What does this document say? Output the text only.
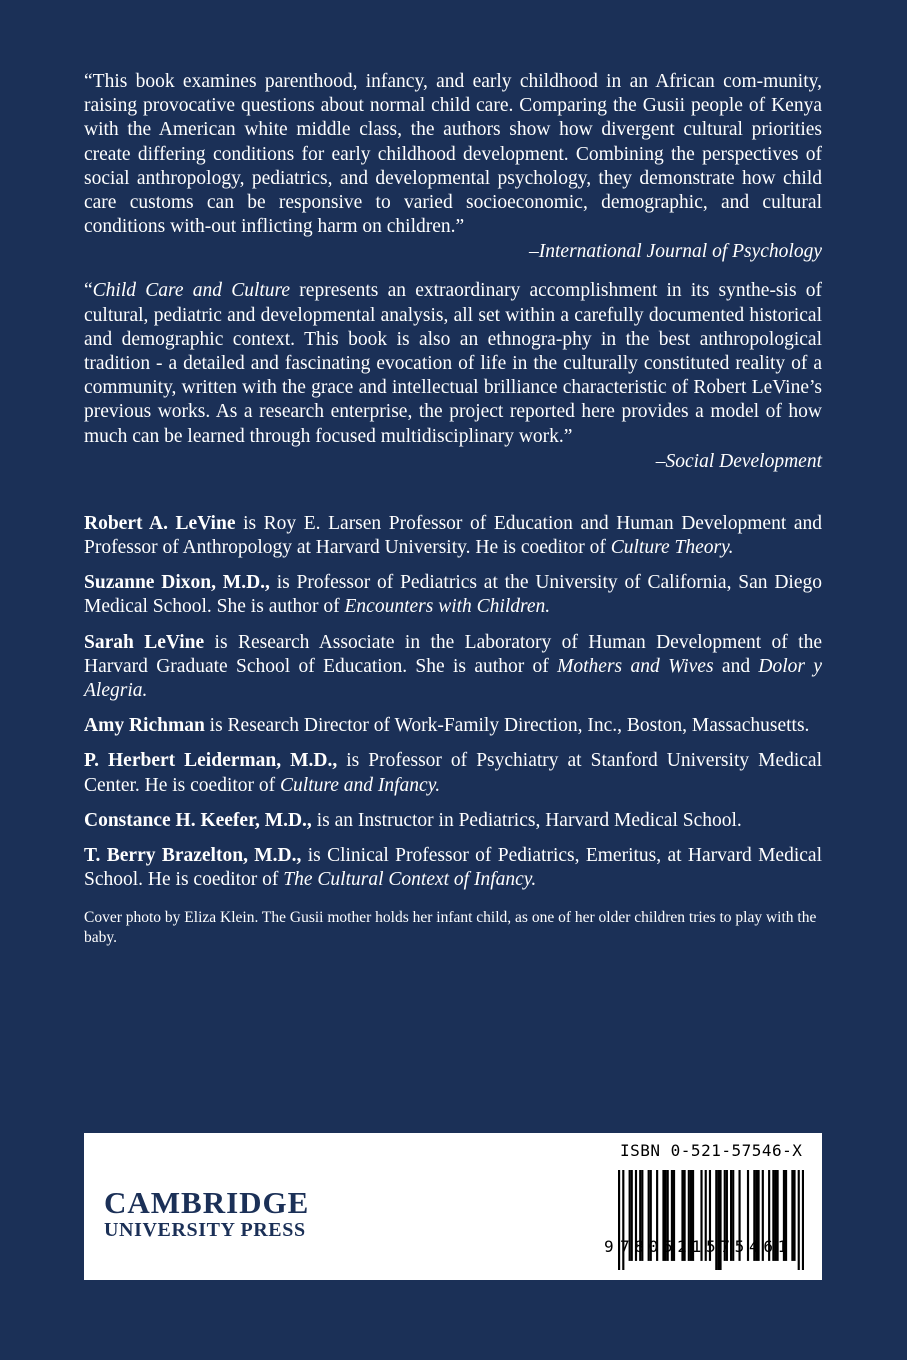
“This book examines parenthood, infancy, and early childhood in an African com-munity, raising provocative questions about normal child care. Comparing the Gusii people of Kenya with the American white middle class, the authors show how divergent cultural priorities create differing conditions for early childhood development. Combining the perspectives of social anthropology, pediatrics, and developmental psychology, they demonstrate how child care customs can be responsive to varied socioeconomic, demographic, and cultural conditions with-out inflicting harm on children.”

–International Journal of Psychology

“Child Care and Culture represents an extraordinary accomplishment in its synthe-sis of cultural, pediatric and developmental analysis, all set within a carefully documented historical and demographic context. This book is also an ethnogra-phy in the best anthropological tradition - a detailed and fascinating evocation of life in the culturally constituted reality of a community, written with the grace and intellectual brilliance characteristic of Robert LeVine’s previous works. As a research enterprise, the project reported here provides a model of how much can be learned through focused multidisciplinary work.”

–Social Development

Robert A. LeVine is Roy E. Larsen Professor of Education and Human Development and Professor of Anthropology at Harvard University. He is coeditor of Culture Theory.

Suzanne Dixon, M.D., is Professor of Pediatrics at the University of California, San Diego Medical School. She is author of Encounters with Children.

Sarah LeVine is Research Associate in the Laboratory of Human Development of the Harvard Graduate School of Education. She is author of Mothers and Wives and Dolor y Alegria.

Amy Richman is Research Director of Work-Family Direction, Inc., Boston, Massachusetts.

P. Herbert Leiderman, M.D., is Professor of Psychiatry at Stanford University Medical Center. He is coeditor of Culture and Infancy.

Constance H. Keefer, M.D., is an Instructor in Pediatrics, Harvard Medical School.

T. Berry Brazelton, M.D., is Clinical Professor of Pediatrics, Emeritus, at Harvard Medical School. He is coeditor of The Cultural Context of Infancy.

Cover photo by Eliza Klein. The Gusii mother holds her infant child, as one of her older children tries to play with the baby.
CAMBRIDGE
UNIVERSITY PRESS
ISBN 0-521-57546-X
9 780521575461
